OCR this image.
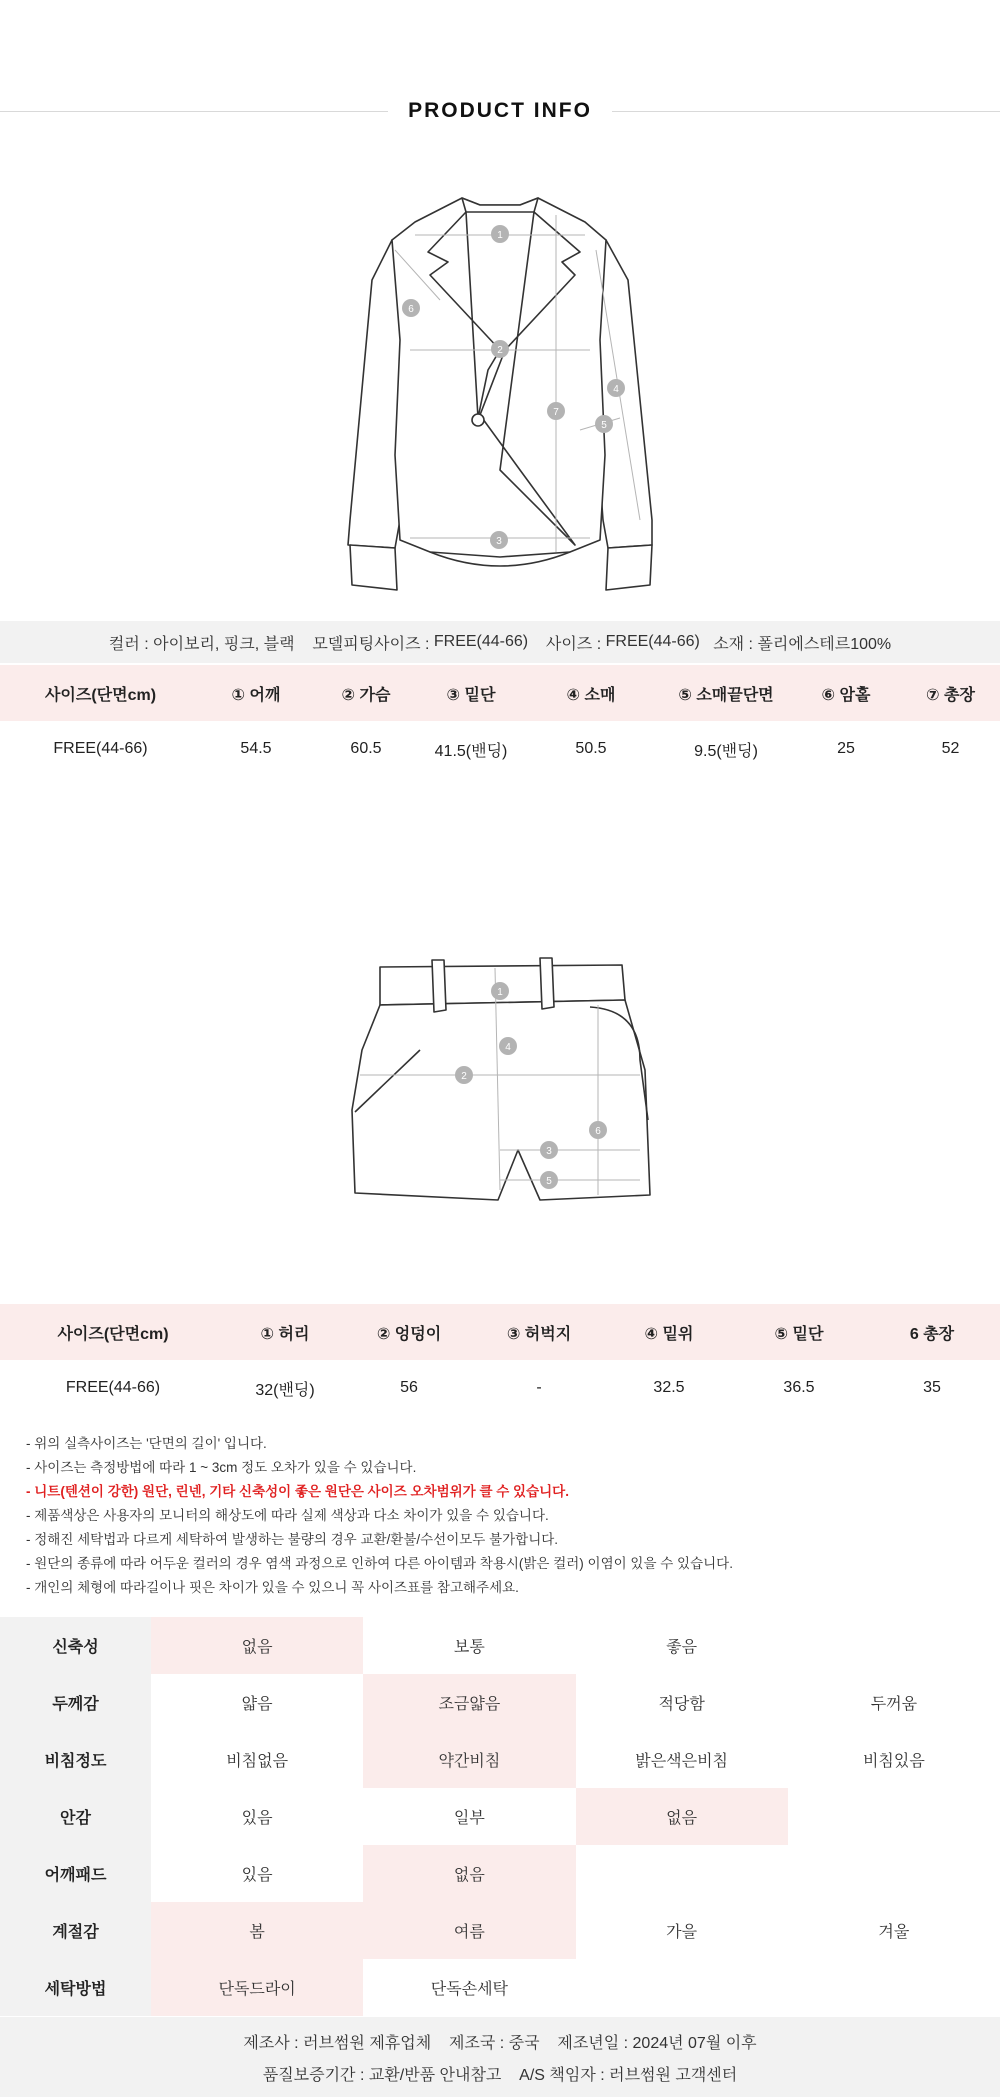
PRODUCT INFO
1
2
3
4
5
6
7
컬러 : 아이보리, 핑크, 블랙
모델피팅사이즈 : FREE(44-66)
사이즈 : FREE(44-66)
소재 : 폴리에스테르100%
사이즈(단면cm)	① 어깨	② 가슴	③ 밑단	④ 소매	⑤ 소매끝단면	⑥ 암홀	⑦ 총장
FREE(44-66)	54.5	60.5	41.5(밴딩)	50.5	9.5(밴딩)	25	52
1
2
3
4
5
6
사이즈(단면cm)	① 허리	② 엉덩이	③ 허벅지	④ 밑위	⑤ 밑단	6 총장
FREE(44-66)	32(밴딩)	56	-	32.5	36.5	35
- 위의 실측사이즈는 '단면의 길이' 입니다.
- 사이즈는 측정방법에 따라 1 ~ 3cm 정도 오차가 있을 수 있습니다.
- 니트(텐션이 강한) 원단, 린넨, 기타 신축성이 좋은 원단은 사이즈 오차범위가 클 수 있습니다.
- 제품색상은 사용자의 모니터의 해상도에 따라 실제 색상과 다소 차이가 있을 수 있습니다.
- 정해진 세탁법과 다르게 세탁하여 발생하는 불량의 경우 교환/환불/수선이모두 불가합니다.
- 원단의 종류에 따라 어두운 컬러의 경우 염색 과정으로 인하여 다른 아이템과 착용시(밝은 컬러) 이염이 있을 수 있습니다.
- 개인의 체형에 따라길이나 핏은 차이가 있을 수 있으니 꼭 사이즈표를 참고해주세요.
신축성	없음	보통	좋음
두께감	얇음	조금얇음	적당함	두꺼움
비침정도	비침없음	약간비침	밝은색은비침	비침있음
안감	있음	일부	없음
어깨패드	있음	없음
계절감	봄	여름	가을	겨울
세탁방법	단독드라이	단독손세탁
제조사 : 러브썸원 제휴업체
제조국 : 중국
제조년일 : 2024년 07월 이후
품질보증기간 : 교환/반품 안내참고
A/S 책임자 : 러브썸원 고객센터
